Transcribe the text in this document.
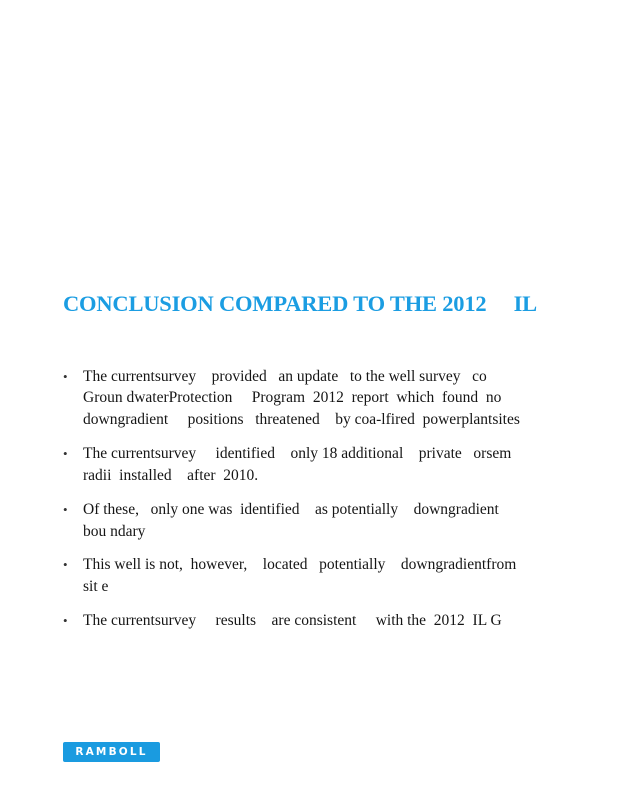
CONCLUSION COMPARED TO THE 2012 IL
• The currentsurvey    provided   an update   to the well survey   co
Groun dwaterProtection     Program  2012  report  which  found  no
downgradient     positions   threatened    by coa‑lfired  powerplantsites
• The currentsurvey     identified    only 18 additional    private   orsem
radii  installed    after  2010.
• Of these,   only one was  identified    as potentially    downgradient
bou ndary
• This well is not,  however,    located   potentially    downgradientfrom
sit e
• The currentsurvey     results    are consistent     with the  2012  IL G
RAMBOLL
